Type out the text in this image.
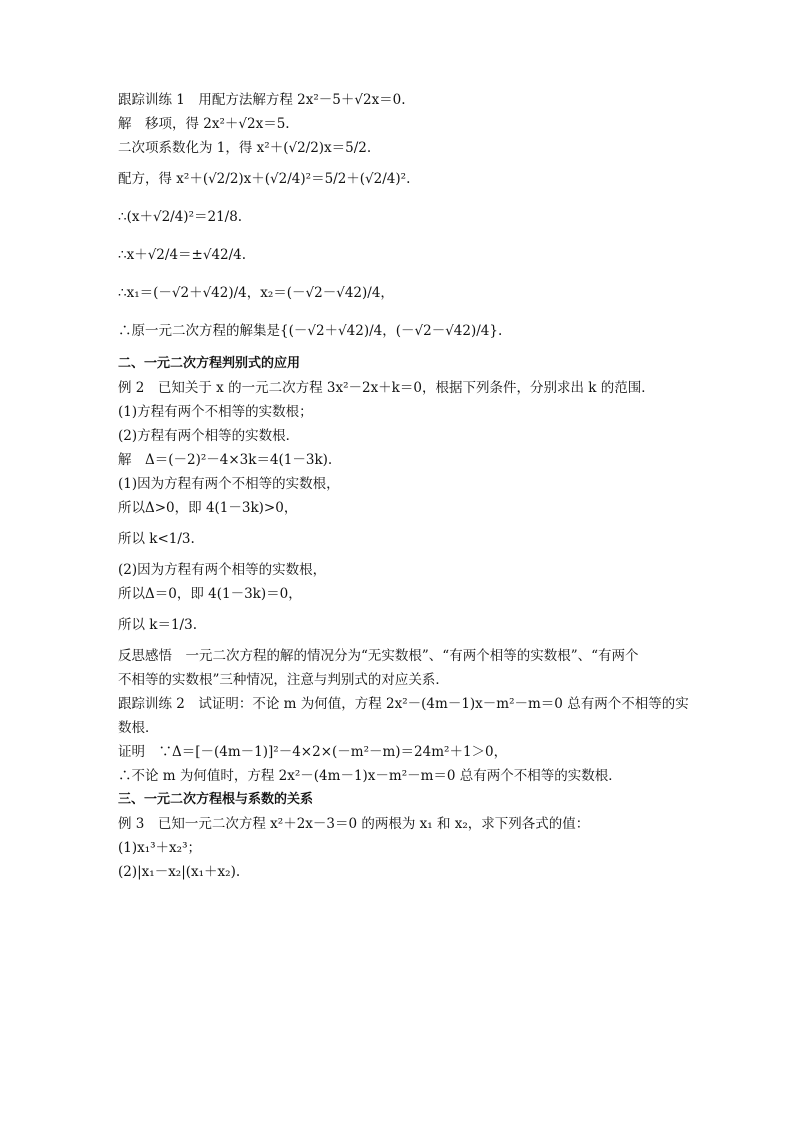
跟踪训练 1　用配方法解方程 2x²－5＋√2x＝0.
解　移项，得 2x²＋√2x＝5.
二次项系数化为 1，得 x²＋(√2/2)x＝5/2.
配方，得 x²＋(√2/2)x＋(√2/4)²＝5/2＋(√2/4)².
∴(x＋√2/4)²＝21/8.
∴x＋√2/4＝±√42/4.
∴x₁＝(－√2＋√42)/4，x₂＝(－√2－√42)/4，
∴原一元二次方程的解集是{(－√2＋√42)/4，(－√2－√42)/4}.
二、一元二次方程判别式的应用
例 2　已知关于 x 的一元二次方程 3x²－2x＋k＝0，根据下列条件，分别求出 k 的范围．
(1)方程有两个不相等的实数根；
(2)方程有两个相等的实数根．
解　Δ＝(－2)²－4×3k＝4(1－3k).
(1)因为方程有两个不相等的实数根，
所以Δ>0，即 4(1－3k)>0，
所以 k<1/3.
(2)因为方程有两个相等的实数根，
所以Δ＝0，即 4(1－3k)＝0，
所以 k＝1/3.
反思感悟　一元二次方程的解的情况分为“无实数根”、“有两个相等的实数根”、“有两个
不相等的实数根”三种情况，注意与判别式的对应关系．
跟踪训练 2　试证明：不论 m 为何值，方程 2x²－(4m－1)x－m²－m＝0 总有两个不相等的实
数根．
证明　∵Δ＝[－(4m－1)]²－4×2×(－m²－m)＝24m²＋1＞0，
∴不论 m 为何值时，方程 2x²－(4m－1)x－m²－m＝0 总有两个不相等的实数根．
三、一元二次方程根与系数的关系
例 3　已知一元二次方程 x²＋2x－3＝0 的两根为 x₁ 和 x₂，求下列各式的值：
(1)x₁³＋x₂³；
(2)|x₁－x₂|(x₁＋x₂).
